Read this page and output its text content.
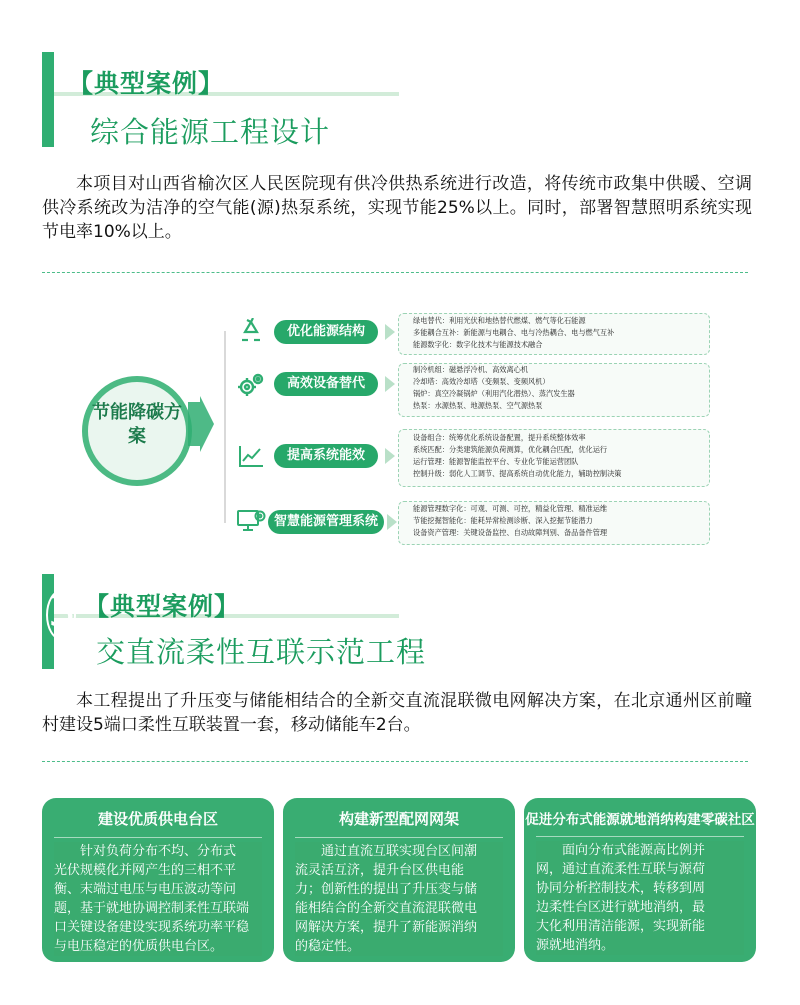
【典型案例】
综合能源工程设计
本项目对山西省榆次区人民医院现有供冷供热系统进行改造，将传统市政集中供暖、空调供冷系统改为洁净的空气能(源)热泵系统，实现节能25%以上。同时，部署智慧照明系统实现节电率10%以上。
节能降碳方案
优化能源结构
绿电替代：利用光伏和地热替代燃煤、燃气等化石能源
多能耦合互补：新能源与电耦合、电与冷热耦合、电与燃气互补
能源数字化：数字化技术与能源技术融合
高效设备替代
制冷机组：磁悬浮冷机、高效离心机
冷却塔：高效冷却塔（变频泵、变频风机）
锅炉：真空冷凝锅炉（利用汽化潜热）、蒸汽发生器
热泵：水源热泵、地源热泵、空气源热泵
提高系统能效
设备组合：统筹优化系统设备配置，提升系统整体效率
系统匹配：分类建筑能源负荷测算，优化耦合匹配，优化运行
运行管理：能源智能监控平台、专业化节能运营团队
控制升级：弱化人工调节、提高系统自动优化能力，辅助控制决策
智慧能源管理系统
能源管理数字化：可观、可测、可控，精益化管理、精准运维
节能挖掘智能化：能耗异常检测诊断、深入挖掘节能潜力
设备资产管理：关键设备监控、自动故障判别、备品备件管理
3 【典型案例】
交直流柔性互联示范工程
本工程提出了升压变与储能相结合的全新交直流混联微电网解决方案，在北京通州区前疃村建设5端口柔性互联装置一套，移动储能车2台。
建设优质供电台区
针对负荷分布不均、分布式
光伏规模化并网产生的三相不平
衡、末端过电压与电压波动等问
题，基于就地协调控制柔性互联端
口关键设备建设实现系统功率平稳
与电压稳定的优质供电台区。
构建新型配网网架
通过直流互联实现台区间潮
流灵活互济，提升台区供电能
力；创新性的提出了升压变与储
能相结合的全新交直流混联微电
网解决方案，提升了新能源消纳
的稳定性。
促进分布式能源就地消纳构建零碳社区
面向分布式能源高比例并
网，通过直流柔性互联与源荷
协同分析控制技术，转移到周
边柔性台区进行就地消纳，最
大化利用清洁能源，实现新能
源就地消纳。
